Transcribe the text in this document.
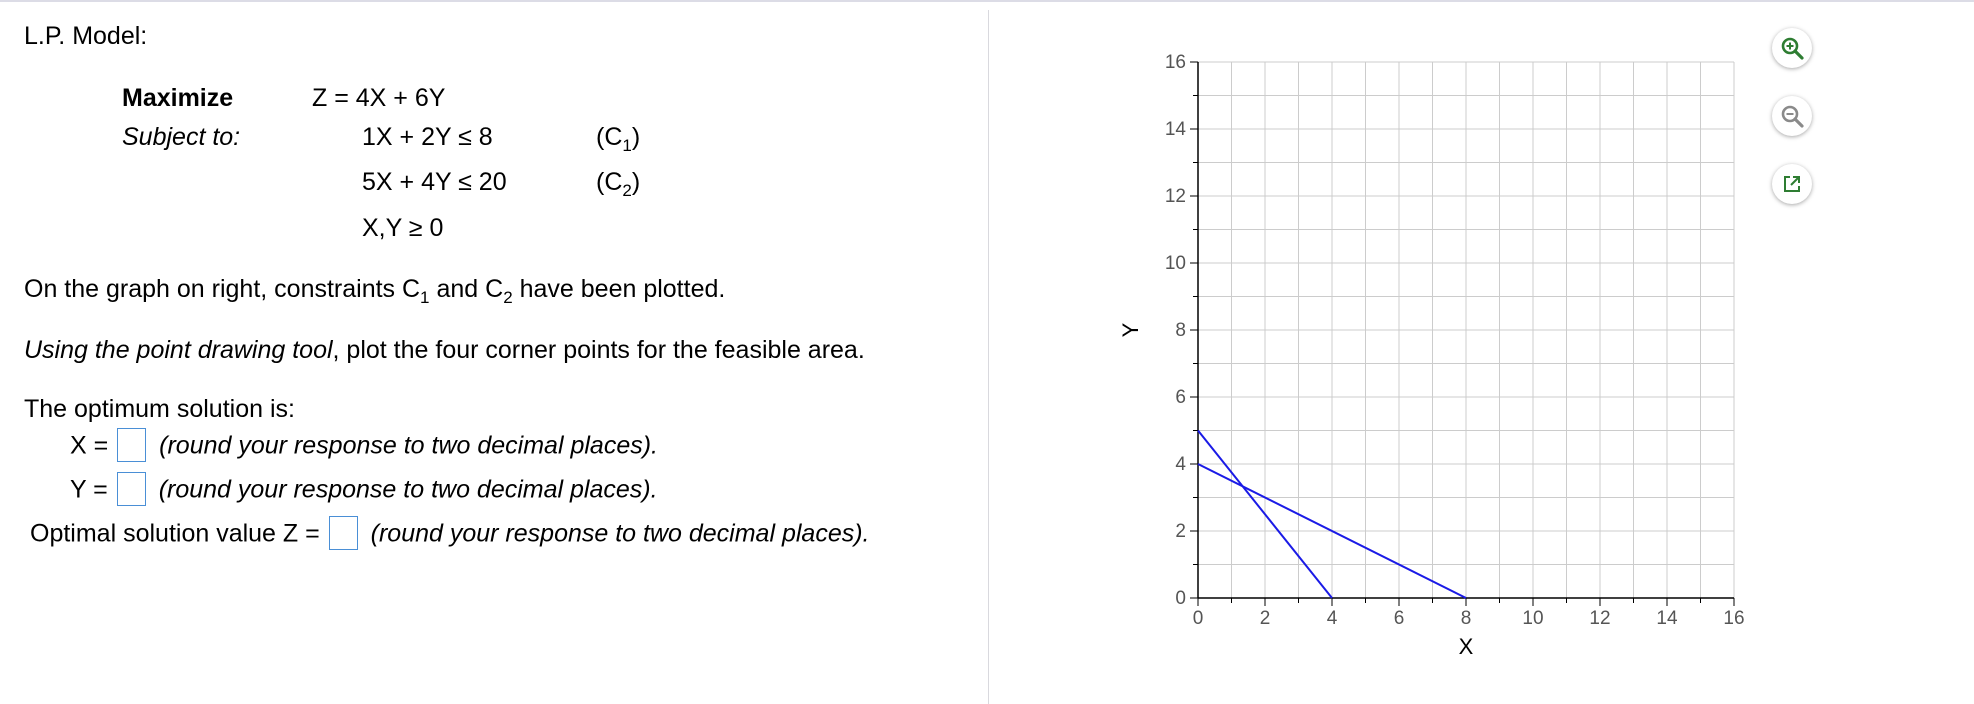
L.P. Model:
Maximize	Z = 4X + 6Y
Subject to:	1X + 2Y ≤ 8	$(C_1)$
5X + 4Y ≤ 20	$(C_2)$
X,Y ≥ 0
On the graph on right, constraints $C_1$ and $C_2$ have been plotted.
Using the point drawing tool, plot the four corner points for the feasible area.
The optimum solution is:
X = (round your response to two decimal places).
Y = (round your response to two decimal places).
Optimal solution value Z = (round your response to two decimal places).
0	2	4	6	8	10 12 14 16
0
2
4
6
8
10
12
14
16
X
Y
